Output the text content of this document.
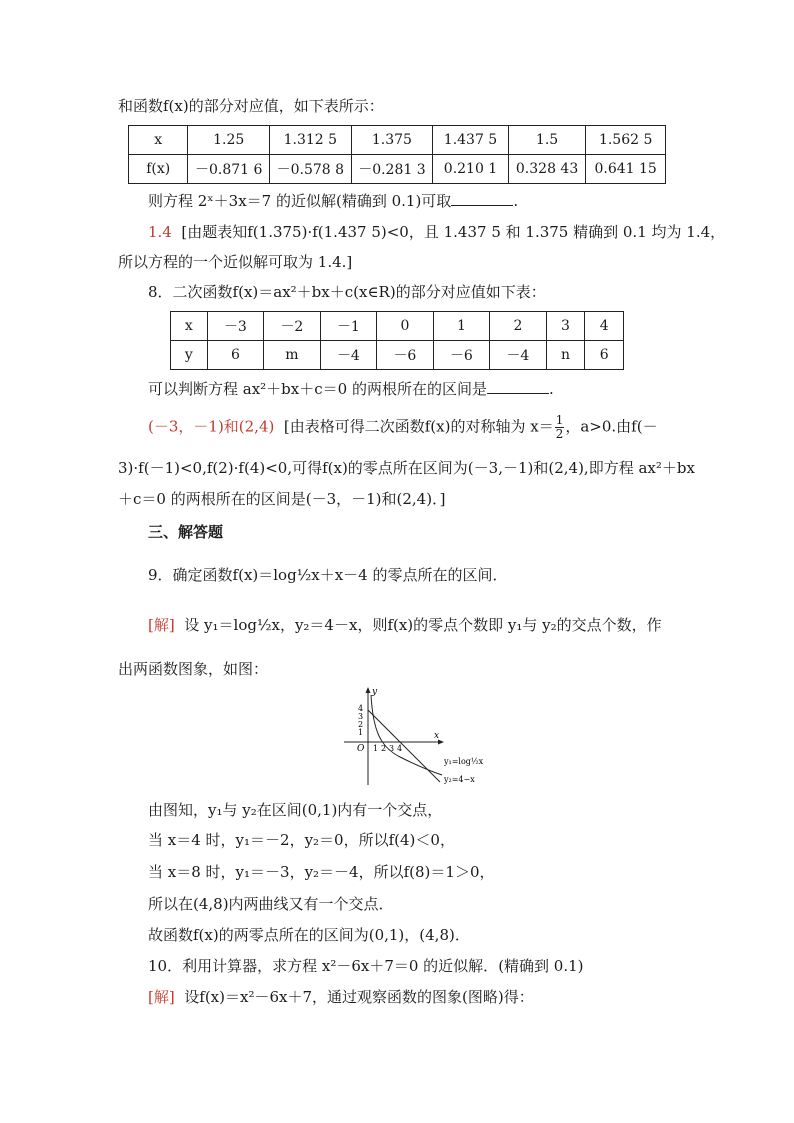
和函数f(x)的部分对应值，如下表所示：
x	1.25	1.312 5	1.375	1.437 5	1.5	1.562 5
f(x)	－0.871 6	－0.578 8	－0.281 3	0.210 1	0.328 43	0.641 15
则方程 2ˣ＋3x＝7 的近似解(精确到 0.1)可取	.
1.4 [由题表知f(1.375)·f(1.437 5)<0，且 1.437 5 和 1.375 精确到 0.1 均为 1.4，
所以方程的一个近似解可取为 1.4.]
8．二次函数f(x)＝ax²＋bx＋c(x∈R)的部分对应值如下表：
x	－3	－2	－1	0	1	2	3	4
y	6	m	－4	－6	－6	－4	n	6
可以判断方程 ax²＋bx＋c＝0 的两根所在的区间是	.
(－3，－1)和(2,4) [由表格可得二次函数f(x)的对称轴为 $x= \frac{1}{2}$ ，a>0.由f(－
3)·f(－1)<0,f(2)·f(4)<0,可得f(x)的零点所在区间为(－3,－1)和(2,4),即方程 ax²＋bx
＋c＝0 的两根所在的区间是(－3，－1)和(2,4)．]
三、解答题
9．确定函数f(x)＝log½x＋x－4 的零点所在的区间．
[解] 设 y₁＝log½x，y₂＝4－x，则f(x)的零点个数即 y₁与 y₂的交点个数，作
出两函数图象，如图：
y
x
O
4
3
2
1
1 2 3 4
y₁=log½x
y₂=4−x
由图知，y₁与 y₂在区间(0,1)内有一个交点，
当 x＝4 时，y₁＝－2，y₂＝0，所以f(4)＜0，
当 x＝8 时，y₁＝－3，y₂＝－4，所以f(8)＝1＞0，
所以在(4,8)内两曲线又有一个交点．
故函数f(x)的两零点所在的区间为(0,1)，(4,8)．
10．利用计算器，求方程 x²－6x＋7＝0 的近似解．(精确到 0.1)
[解] 设f(x)＝x²－6x＋7，通过观察函数的图象(图略)得：
